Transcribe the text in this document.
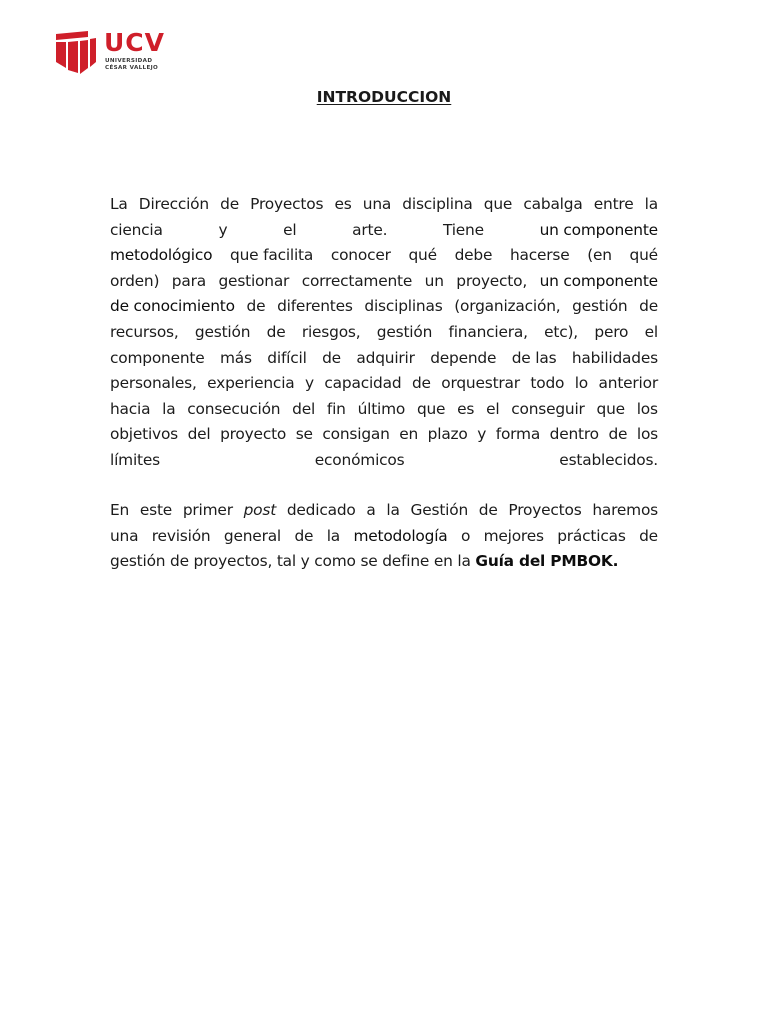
UCV
UNIVERSIDAD
CÉSAR VALLEJO
INTRODUCCION
La Dirección de Proyectos es una disciplina que cabalga entre la
ciencia	y	el	arte.	Tiene	un componente
metodológico que facilita conocer qué debe hacerse (en qué
orden) para gestionar correctamente un proyecto, un componente
de conocimiento de diferentes disciplinas (organización, gestión de
recursos, gestión de riesgos, gestión financiera, etc), pero el
componente más difícil de adquirir depende de las habilidades
personales, experiencia y capacidad de orquestrar todo lo anterior
hacia la consecución del fin último que es el conseguir que los
objetivos del proyecto se consigan en plazo y forma dentro de los
límites	económicos	establecidos.
En este primer post dedicado a la Gestión de Proyectos haremos
una revisión general de la metodología o mejores prácticas de
gestión de proyectos, tal y como se define en la Guía del PMBOK.
